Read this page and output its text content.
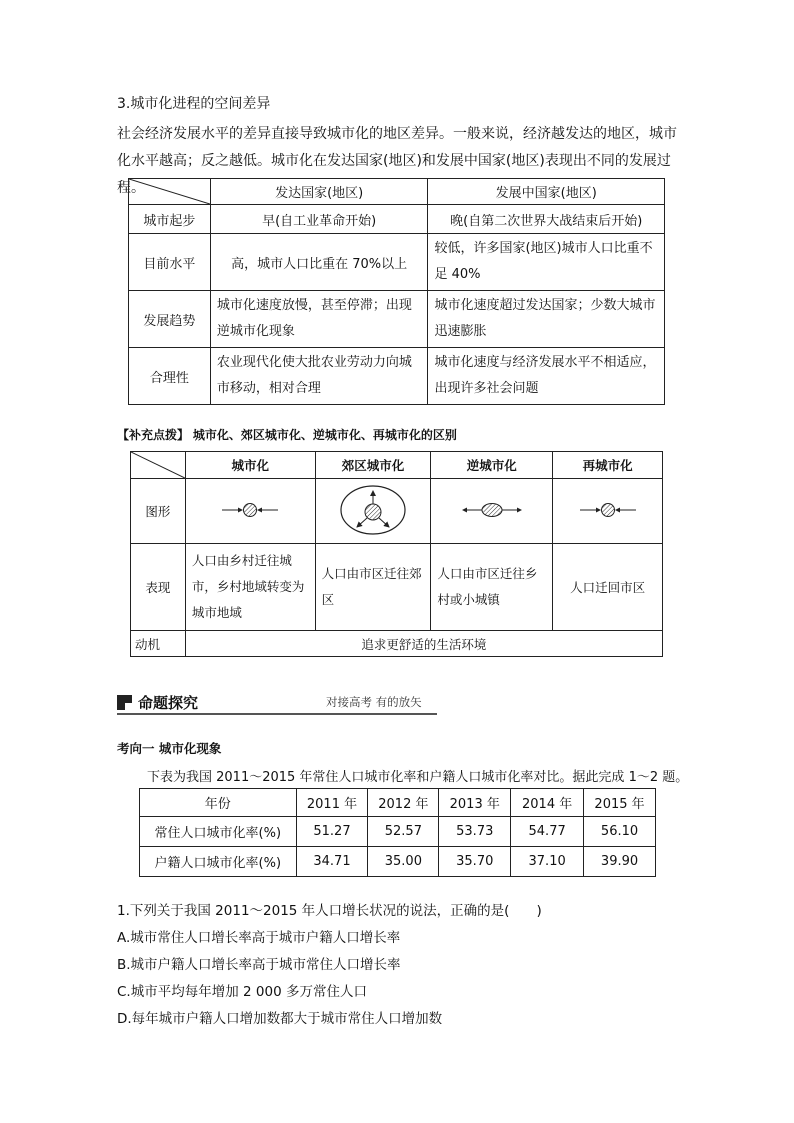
3.城市化进程的空间差异
社会经济发展水平的差异直接导致城市化的地区差异。一般来说，经济越发达的地区，城市
化水平越高；反之越低。城市化在发达国家(地区)和发展中国家(地区)表现出不同的发展过程。
		发达国家(地区)	发展中国家(地区)
城市起步	早(自工业革命开始)	晚(自第二次世界大战结束后开始)
目前水平	高，城市人口比重在 70%以上	较低，许多国家(地区)城市人口比重不足 40%
发展趋势	城市化速度放慢，甚至停滞；出现逆城市化现象	城市化速度超过发达国家；少数大城市迅速膨胀
合理性	农业现代化使大批农业劳动力向城市移动，相对合理	城市化速度与经济发展水平不相适应，出现许多社会问题
【补充点拨】 城市化、郊区城市化、逆城市化、再城市化的区别
	城市化	郊区城市化	逆城市化	再城市化
图形				
表现	人口由乡村迁往城市，乡村地域转变为城市地域	人口由市区迁往郊区	人口由市区迁往乡村或小城镇	人口迁回市区
动机	追求更舒适的生活环境			
命题探究	对接高考 有的放矢
考向一 城市化现象
下表为我国 2011～2015 年常住人口城市化率和户籍人口城市化率对比。据此完成 1～2 题。
年份	2011 年	2012 年	2013 年	2014 年	2015 年
常住人口城市化率(%)	51.27	52.57	53.73	54.77	56.10
户籍人口城市化率(%)	34.71	35.00	35.70	37.10	39.90
1.下列关于我国 2011～2015 年人口增长状况的说法，正确的是(　　)
A.城市常住人口增长率高于城市户籍人口增长率
B.城市户籍人口增长率高于城市常住人口增长率
C.城市平均每年增加 2 000 多万常住人口
D.每年城市户籍人口增加数都大于城市常住人口增加数
